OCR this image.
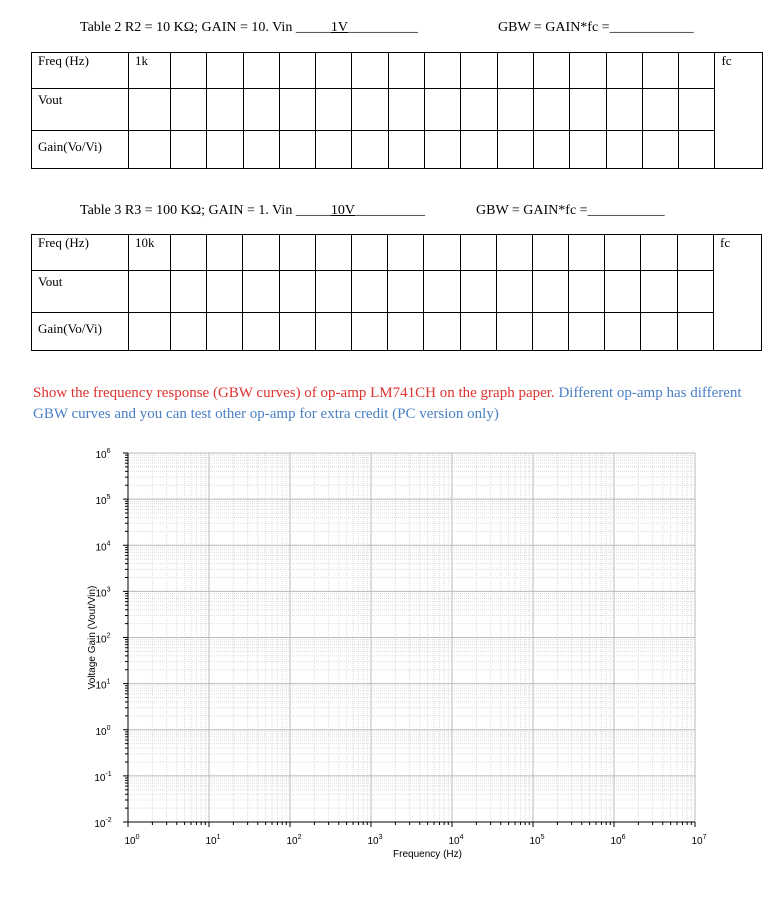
Table 2 R2 = 10 KΩ; GAIN = 10. Vin _____1V__________	GBW = GAIN*fc =____________
Freq (Hz)	1k																fc
Vout																	
Gain(Vo/Vi)																	
Table 3 R3 = 100 KΩ; GAIN = 1. Vin _____10V__________	GBW = GAIN*fc =___________
Freq (Hz)	10k																fc
Vout																	
Gain(Vo/Vi)																	
Show the frequency response (GBW curves) of op-amp LM741CH on the graph paper. Different op-amp has different GBW curves and you can test other op-amp for extra credit (PC version only)
$10^6$
$10^5$
$10^4$
$10^3$
$10^2$
$10^1$
$10^0$
$10^{-1}$
$10^{-2}$
$10^0$	$10^1$	$10^2$	$10^3$	$10^4$	$10^5$	$10^6$	$10^7$
Frequency (Hz)
Voltage Gain (Vout/Vin)
